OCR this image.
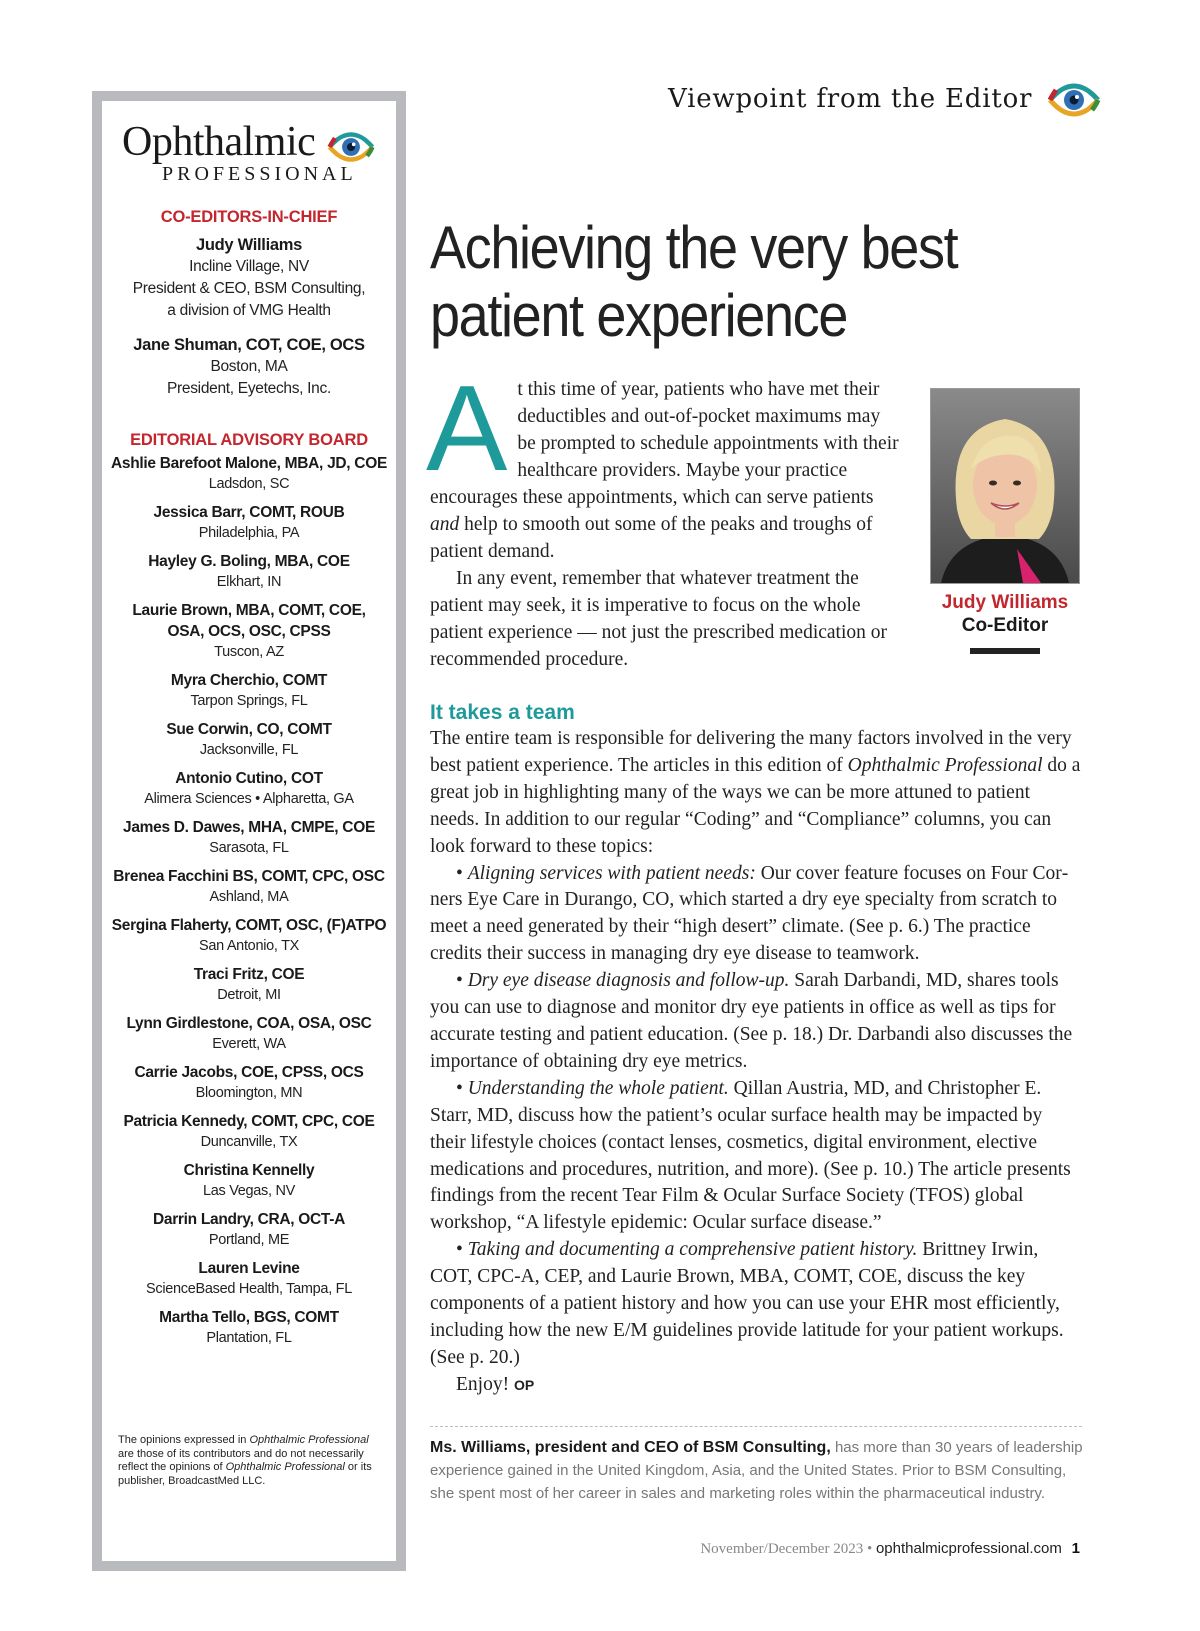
Viewpoint from the Editor
Ophthalmic
PROFESSIONAL
CO-EDITORS-IN-CHIEF
Judy Williams
Incline Village, NV
President & CEO, BSM Consulting,
a division of VMG Health
Jane Shuman, COT, COE, OCS
Boston, MA
President, Eyetechs, Inc.
EDITORIAL ADVISORY BOARD
Ashlie Barefoot Malone, MBA, JD, COE
Ladsdon, SC
Jessica Barr, COMT, ROUB
Philadelphia, PA
Hayley G. Boling, MBA, COE
Elkhart, IN
Laurie Brown, MBA, COMT, COE,
OSA, OCS, OSC, CPSS
Tuscon, AZ
Myra Cherchio, COMT
Tarpon Springs, FL
Sue Corwin, CO, COMT
Jacksonville, FL
Antonio Cutino, COT
Alimera Sciences • Alpharetta, GA
James D. Dawes, MHA, CMPE, COE
Sarasota, FL
Brenea Facchini BS, COMT, CPC, OSC
Ashland, MA
Sergina Flaherty, COMT, OSC, (F)ATPO
San Antonio, TX
Traci Fritz, COE
Detroit, MI
Lynn Girdlestone, COA, OSA, OSC
Everett, WA
Carrie Jacobs, COE, CPSS, OCS
Bloomington, MN
Patricia Kennedy, COMT, CPC, COE
Duncanville, TX
Christina Kennelly
Las Vegas, NV
Darrin Landry, CRA, OCT-A
Portland, ME
Lauren Levine
ScienceBased Health, Tampa, FL
Martha Tello, BGS, COMT
Plantation, FL
The opinions expressed in Ophthalmic Professional are those of its contributors and do not necessarily reflect the opinions of Ophthalmic Professional or its publisher, BroadcastMed LLC.
Achieving the very best
patient experience

At this time of year, patients who have met their deductibles and out-of-pocket maximums may be prompted to schedule appointments with their healthcare providers. Maybe your practice encourages these appointments, which can serve patients and help to smooth out some of the peaks and troughs of patient demand.

In any event, remember that whatever treatment the patient may seek, it is imperative to focus on the whole patient experience — not just the prescribed medication or recommended procedure.

Judy Williams
Co-Editor
It takes a team

The entire team is responsible for delivering the many factors involved in the very best patient experience. The articles in this edition of Ophthalmic Professional do a great job in highlighting many of the ways we can be more attuned to patient needs. In addition to our regular “Coding” and “Compliance” columns, you can look forward to these topics:

• Aligning services with patient needs: Our cover feature focuses on Four Corners Eye Care in Durango, CO, which started a dry eye specialty from scratch to meet a need generated by their “high desert” climate. (See p. 6.) The practice credits their success in managing dry eye disease to teamwork.

• Dry eye disease diagnosis and follow-up. Sarah Darbandi, MD, shares tools you can use to diagnose and monitor dry eye patients in office as well as tips for accurate testing and patient education. (See p. 18.) Dr. Darbandi also discusses the importance of obtaining dry eye metrics.

• Understanding the whole patient. Qillan Austria, MD, and Christopher E. Starr, MD, discuss how the patient’s ocular surface health may be impacted by their lifestyle choices (contact lenses, cosmetics, digital environment, elective medications and procedures, nutrition, and more). (See p. 10.) The article presents findings from the recent Tear Film & Ocular Surface Society (TFOS) global workshop, “A lifestyle epidemic: Ocular surface disease.”

• Taking and documenting a comprehensive patient history. Brittney Irwin, COT, CPC-A, CEP, and Laurie Brown, MBA, COMT, COE, discuss the key components of a patient history and how you can use your EHR most efficiently, including how the new E/M guidelines provide latitude for your patient workups. (See p. 20.)

Enjoy! OP

Ms. Williams, president and CEO of BSM Consulting, has more than 30 years of leadership experience gained in the United Kingdom, Asia, and the United States. Prior to BSM Consulting, she spent most of her career in sales and marketing roles within the pharmaceutical industry.
November/December 2023 • ophthalmicprofessional.com 1
